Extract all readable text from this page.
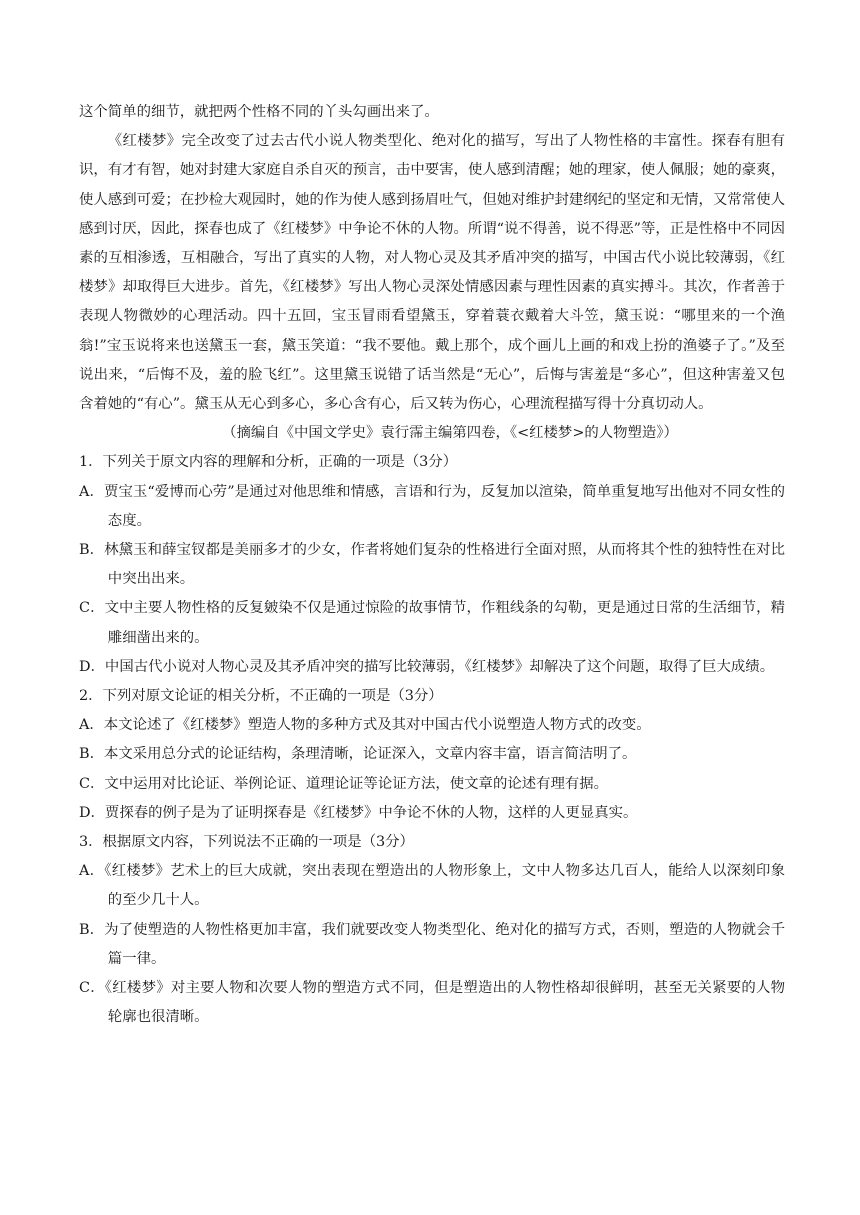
这个简单的细节，就把两个性格不同的丫头勾画出来了。

《红楼梦》完全改变了过去古代小说人物类型化、绝对化的描写，写出了人物性格的丰富性。探春有胆有识，有才有智，她对封建大家庭自杀自灭的预言，击中要害，使人感到清醒；她的理家，使人佩服；她的豪爽，使人感到可爱；在抄检大观园时，她的作为使人感到扬眉吐气，但她对维护封建纲纪的坚定和无情，又常常使人感到讨厌，因此，探春也成了《红楼梦》中争论不休的人物。所谓“说不得善，说不得恶”等，正是性格中不同因素的互相渗透，互相融合，写出了真实的人物，对人物心灵及其矛盾冲突的描写，中国古代小说比较薄弱，《红楼梦》却取得巨大进步。首先，《红楼梦》写出人物心灵深处情感因素与理性因素的真实搏斗。其次，作者善于表现人物微妙的心理活动。四十五回，宝玉冒雨看望黛玉，穿着蓑衣戴着大斗笠，黛玉说：“哪里来的一个渔翁!”宝玉说将来也送黛玉一套，黛玉笑道：“我不要他。戴上那个，成个画儿上画的和戏上扮的渔婆子了。”及至说出来，“后悔不及，羞的脸飞红”。这里黛玉说错了话当然是“无心”，后悔与害羞是“多心”，但这种害羞又包含着她的“有心”。黛玉从无心到多心，多心含有心，后又转为伤心，心理流程描写得十分真切动人。

（摘编自《中国文学史》袁行霈主编第四卷，《<红楼梦>的人物塑造》）

1．下列关于原文内容的理解和分析，正确的一项是（3分）

A．贾宝玉“爱博而心劳”是通过对他思维和情感，言语和行为，反复加以渲染，简单重复地写出他对不同女性的态度。

B．林黛玉和薛宝钗都是美丽多才的少女，作者将她们复杂的性格进行全面对照，从而将其个性的独特性在对比中突出出来。

C．文中主要人物性格的反复皴染不仅是通过惊险的故事情节，作粗线条的勾勒，更是通过日常的生活细节，精雕细凿出来的。

D．中国古代小说对人物心灵及其矛盾冲突的描写比较薄弱，《红楼梦》却解决了这个问题，取得了巨大成绩。

2．下列对原文论证的相关分析，不正确的一项是（3分）

A．本文论述了《红楼梦》塑造人物的多种方式及其对中国古代小说塑造人物方式的改变。

B．本文采用总分式的论证结构，条理清晰，论证深入，文章内容丰富，语言简洁明了。

C．文中运用对比论证、举例论证、道理论证等论证方法，使文章的论述有理有据。

D．贾探春的例子是为了证明探春是《红楼梦》中争论不休的人物，这样的人更显真实。

3．根据原文内容，下列说法不正确的一项是（3分）

A．《红楼梦》艺术上的巨大成就，突出表现在塑造出的人物形象上，文中人物多达几百人，能给人以深刻印象的至少几十人。

B．为了使塑造的人物性格更加丰富，我们就要改变人物类型化、绝对化的描写方式，否则，塑造的人物就会千篇一律。

C．《红楼梦》对主要人物和次要人物的塑造方式不同，但是塑造出的人物性格却很鲜明，甚至无关紧要的人物轮廓也很清晰。
